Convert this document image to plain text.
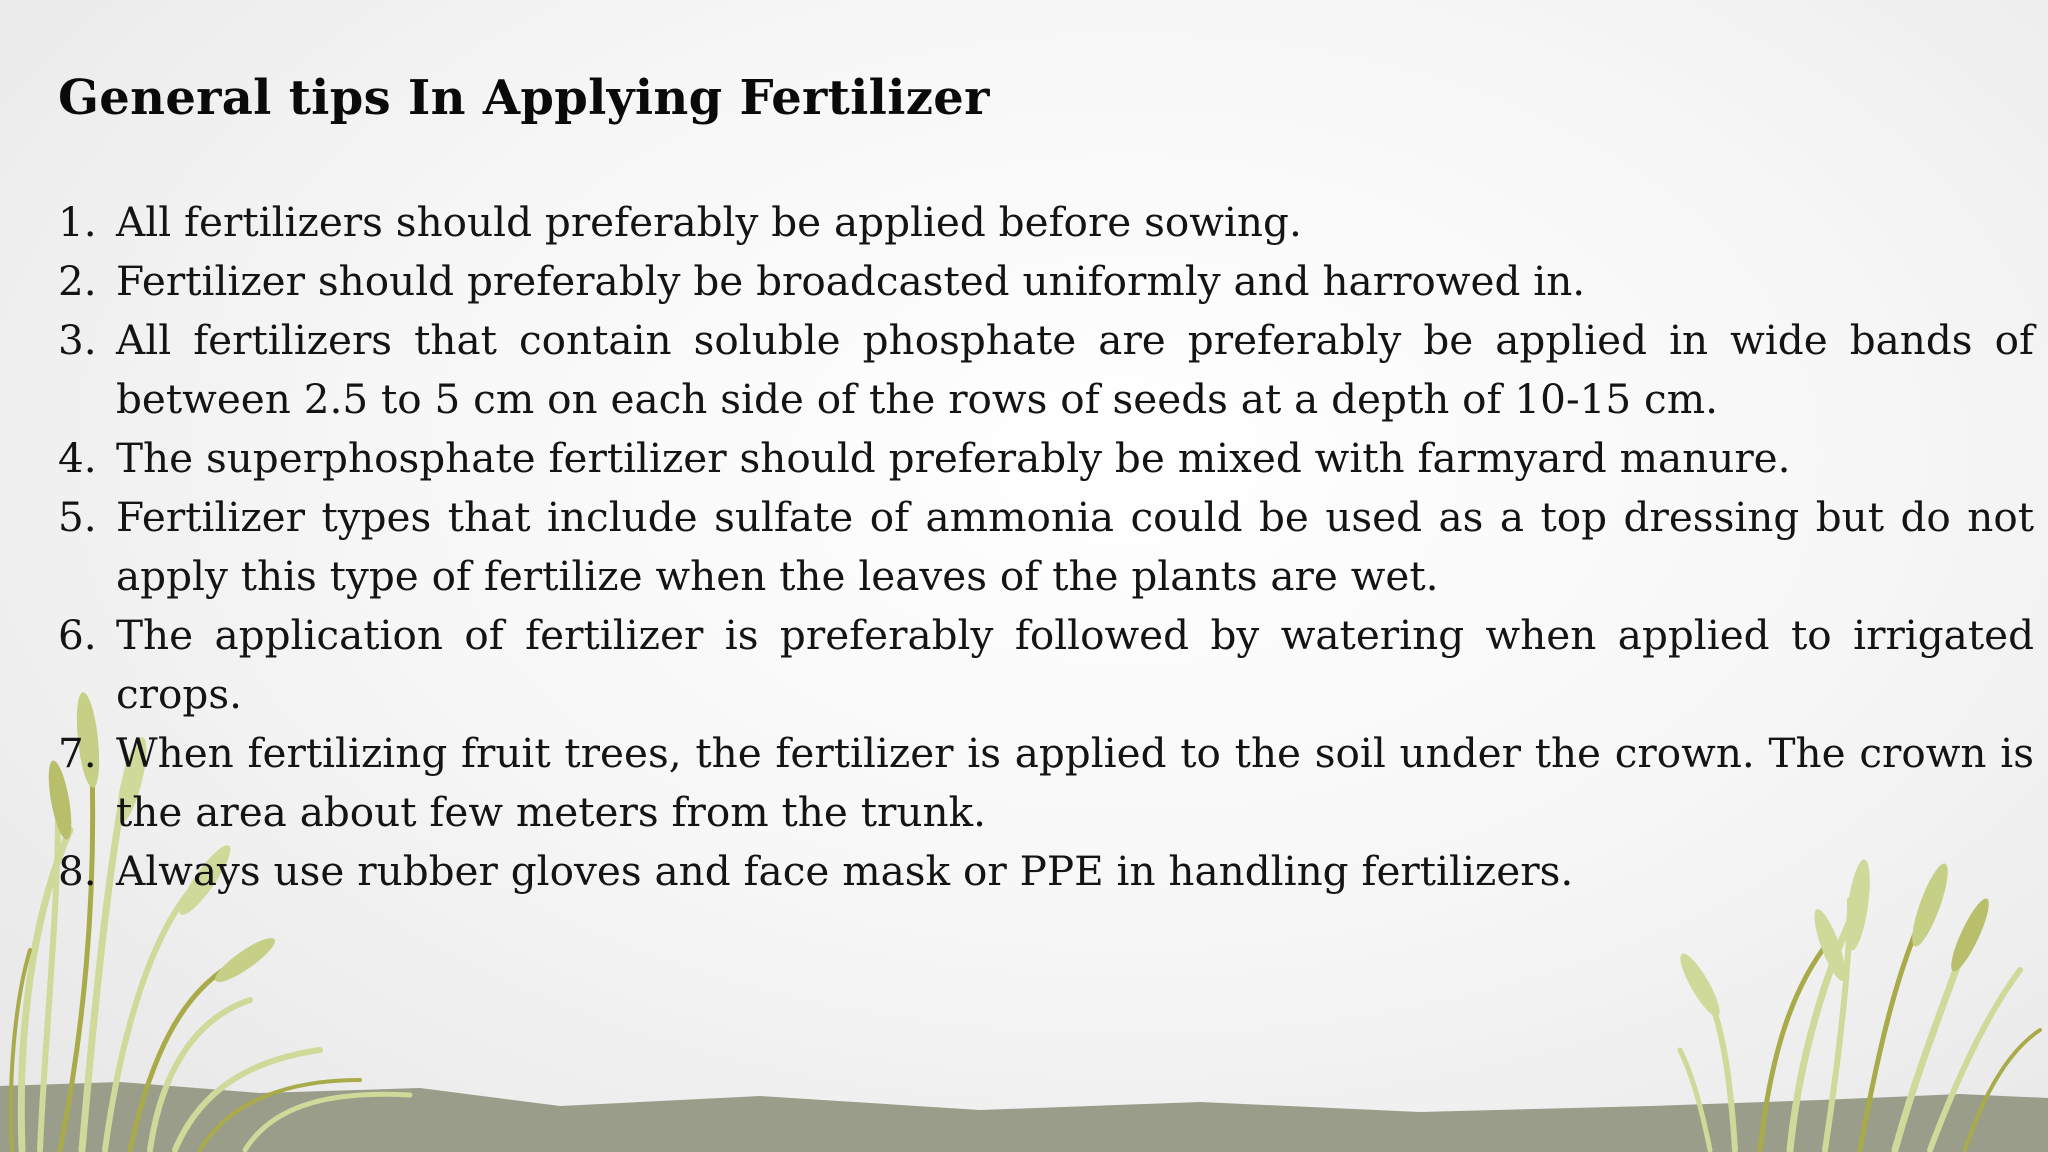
General tips In Applying Fertilizer
1. All fertilizers should preferably be applied before sowing.
2. Fertilizer should preferably be broadcasted uniformly and harrowed in.
3. All fertilizers that contain soluble phosphate are preferably be applied in wide bands of between 2.5 to 5 cm on each side of the rows of seeds at a depth of 10-15 cm.
4. The superphosphate fertilizer should preferably be mixed with farmyard manure.
5. Fertilizer types that include sulfate of ammonia could be used as a top dressing but do not apply this type of fertilize when the leaves of the plants are wet.
6. The application of fertilizer is preferably followed by watering when applied to irrigated crops.
7. When fertilizing fruit trees, the fertilizer is applied to the soil under the crown. The crown is the area about few meters from the trunk.
8. Always use rubber gloves and face mask or PPE in handling fertilizers.
